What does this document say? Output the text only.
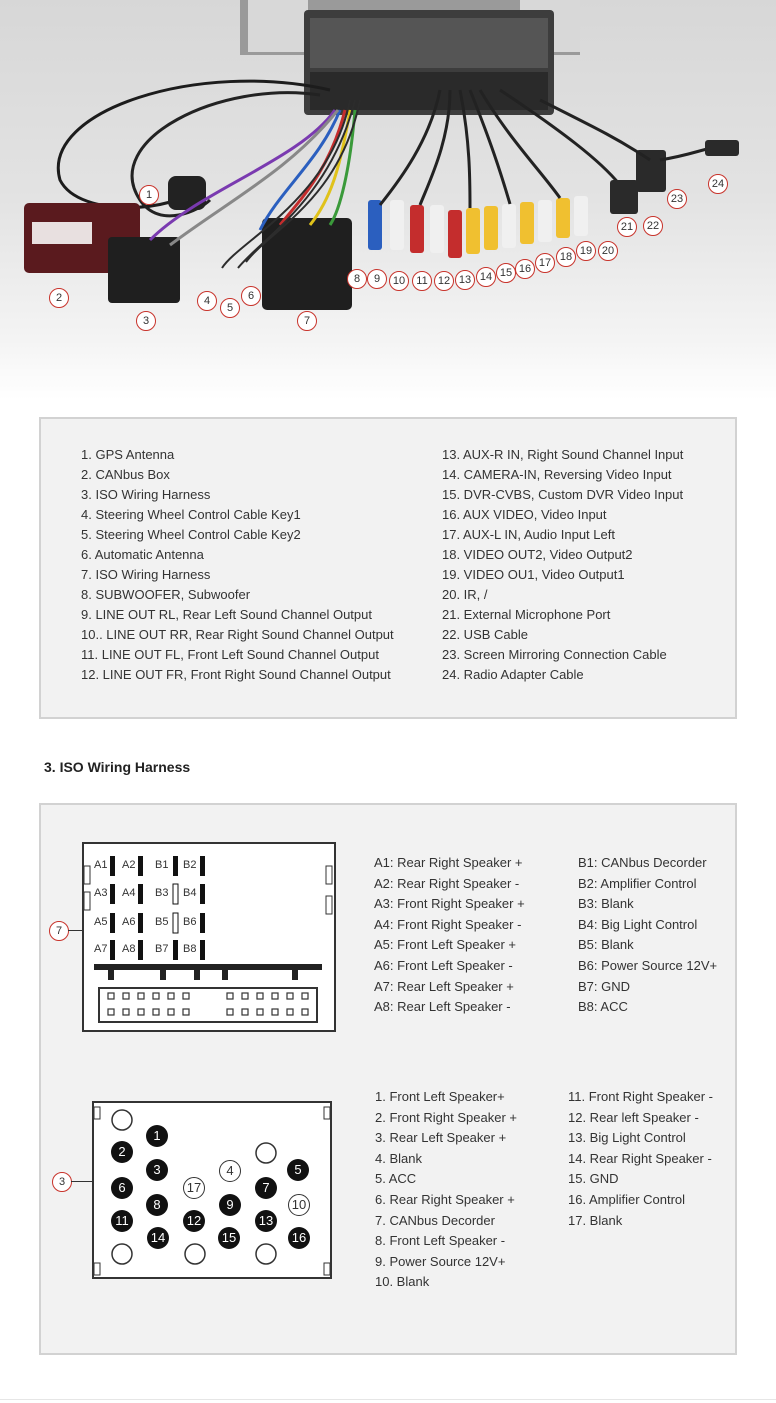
1
2
3
4
5
6
7
8	9	10	11 12 13 14 15 16 17 18 19 20
21	22
23
24
1. GPS Antenna
2. CANbus Box
3. ISO Wiring Harness
4. Steering Wheel Control Cable Key1
5. Steering Wheel Control Cable Key2
6. Automatic Antenna
7. ISO Wiring Harness
8. SUBWOOFER, Subwoofer
9. LINE OUT RL, Rear Left Sound Channel Output
10.. LINE OUT RR, Rear Right Sound Channel Output
11. LINE OUT FL, Front Left Sound Channel Output
12. LINE OUT FR, Front Right Sound Channel Output
13. AUX-R IN, Right Sound Channel Input
14. CAMERA-IN, Reversing Video Input
15. DVR-CVBS, Custom DVR Video Input
16. AUX VIDEO, Video Input
17. AUX-L IN, Audio Input Left
18. VIDEO OUT2, Video Output2
19. VIDEO OU1, Video Output1
20. IR, /
21. External Microphone Port
22. USB Cable
23. Screen Mirroring Connection Cable
24. Radio Adapter Cable
3. ISO Wiring Harness
7
A1 A2 B1 B2
A3 A4 B3 B4
A5 A6 B5 B6
A7 A8 B7 B8
A1: Rear Right Speaker +
A2: Rear Right Speaker -
A3: Front Right Speaker +
A4: Front Right Speaker -
A5: Front Left Speaker +
A6: Front Left Speaker -
A7: Rear Left Speaker +
A8: Rear Left Speaker -
B1: CANbus Decorder
B2: Amplifier Control
B3: Blank
B4: Big Light Control
B5: Blank
B6: Power Source 12V+
B7: GND
B8: ACC
3
1
2
3	4	5
6	7
8	9	10
11	12	13
14	15	16
17
1. Front Left Speaker+
2. Front Right Speaker +
3. Rear Left Speaker +
4. Blank
5. ACC
6. Rear Right Speaker +
7. CANbus Decorder
8. Front Left Speaker -
9. Power Source 12V+
10. Blank
11. Front Right Speaker -
12. Rear left Speaker -
13. Big Light Control
14. Rear Right Speaker -
15. GND
16. Amplifier Control
17. Blank
